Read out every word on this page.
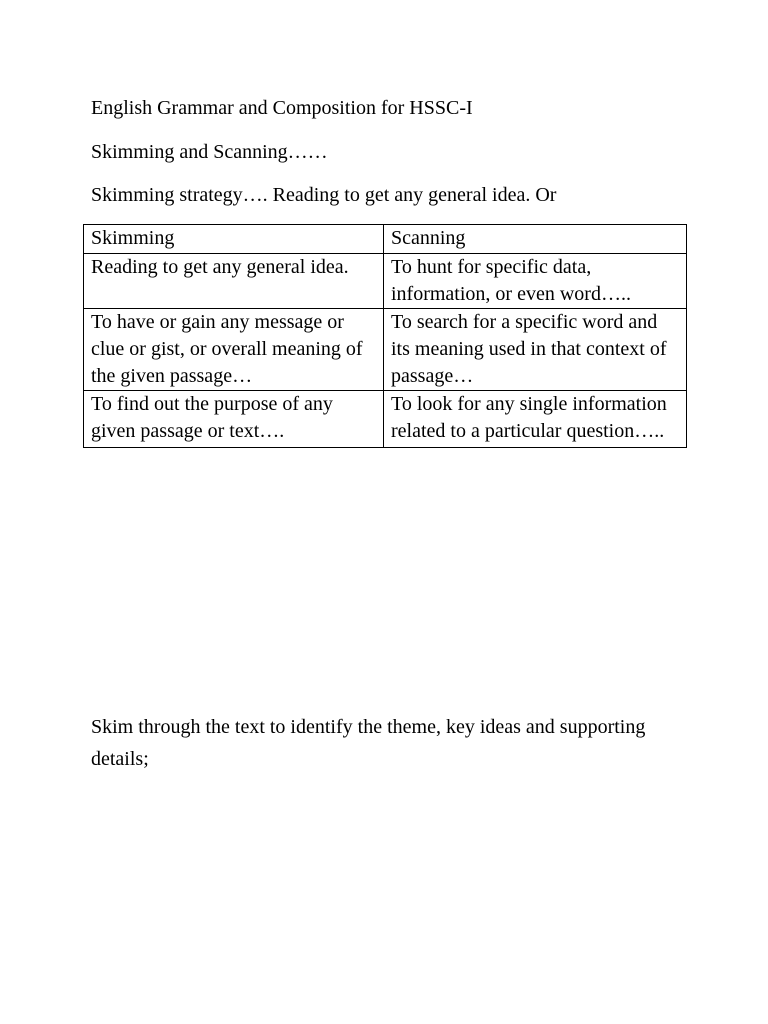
English Grammar and Composition for HSSC-I

Skimming and Scanning……

Skimming strategy…. Reading to get any general idea. Or

Skimming	Scanning
Reading to get any general idea.	To hunt for specific data, information, or even word…..
To have or gain any message or clue or gist, or overall meaning of the given passage…	To search for a specific word and its meaning used in that context of passage…
To find out the purpose of any given passage or text….	To look for any single information related to a particular question…..

Skim through the text to identify the theme, key ideas and supporting details;
